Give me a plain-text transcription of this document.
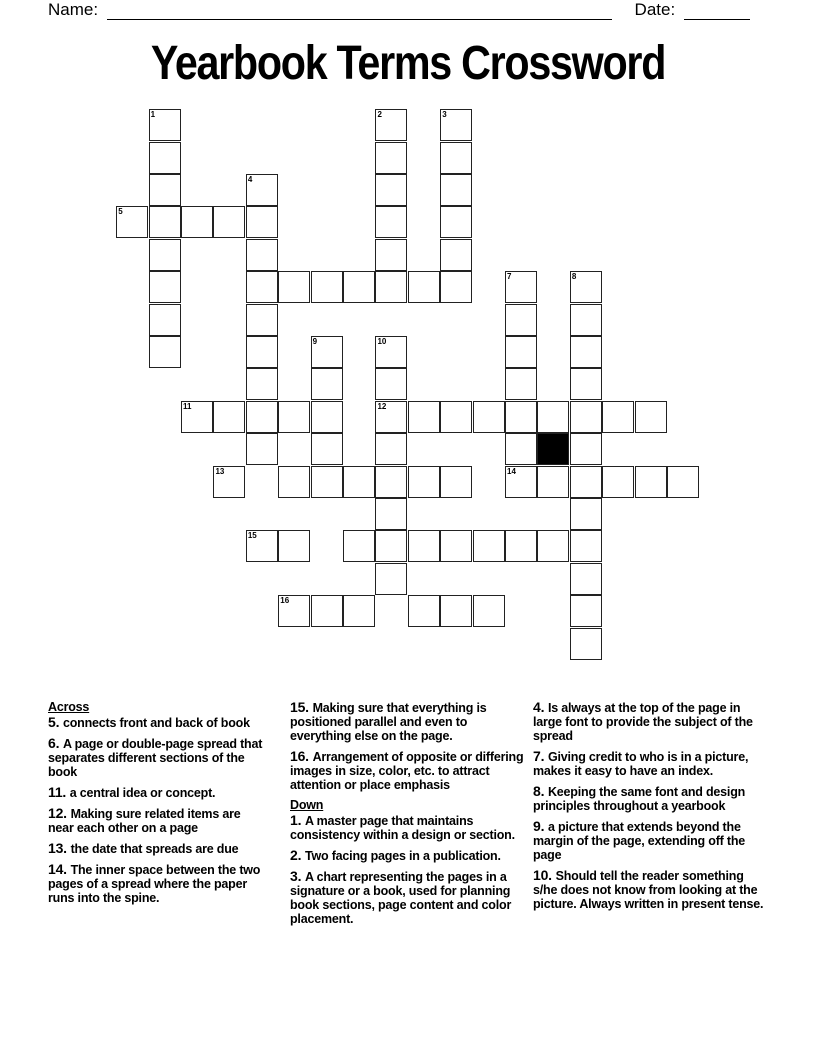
Name:	Date:
Yearbook Terms Crossword
1	2	3
4
5
7
14
8
9	10
12
11
13
16
15
Across
5. connects front and back of book
6. A page or double-page spread that separates different sections of the book
11. a central idea or concept.
12. Making sure related items are near each other on a page
13. the date that spreads are due
14. The inner space between the two pages of a spread where the paper runs into the spine.
15. Making sure that everything is positioned parallel and even to everything else on the page.
16. Arrangement of opposite or differing images in size, color, etc. to attract attention or place emphasis
Down
1. A master page that maintains consistency within a design or section.
2. Two facing pages in a publication.
3. A chart representing the pages in a signature or a book, used for planning book sections, page content and color placement.
4. Is always at the top of the page in large font to provide the subject of the spread
7. Giving credit to who is in a picture, makes it easy to have an index.
8. Keeping the same font and design principles throughout a yearbook
9. a picture that extends beyond the margin of the page, extending off the page
10. Should tell the reader something s/he does not know from looking at the picture. Always written in present tense.
